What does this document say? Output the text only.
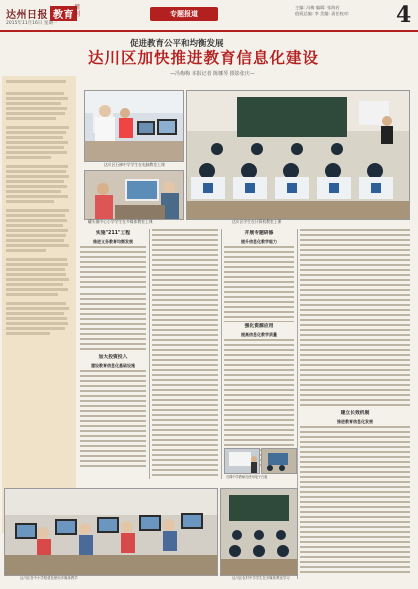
达州日报 教育
周刊
2015年11月16日 星期一
专题报道
主编: 冯梅 编辑: 张海若
值班总编: 李 美编: 责任校对:	4

促进教育公平和均衡发展
达川区加快推进教育信息化建设
—冯梅梅 本报记者 陈娜琴 摄影张庆—
达川区石梯中学学生在电脑教室上课
罐头镇中心小学学生在多媒体教室上课	达川区学生在计算机教室上课
实施"211"工程
推进义务教育均衡发展
加大投资投入
建设教育信息化基础设施
开展专题研修
提升信息化教学能力
强化资源应用
提高信息化教学质量
建立长效机制
推进教育信息化发展
石梯中学教师在使用电子白板
达川区各中小学校普及使用多媒体教学	达川区农村中学学生在多媒体教室学习
